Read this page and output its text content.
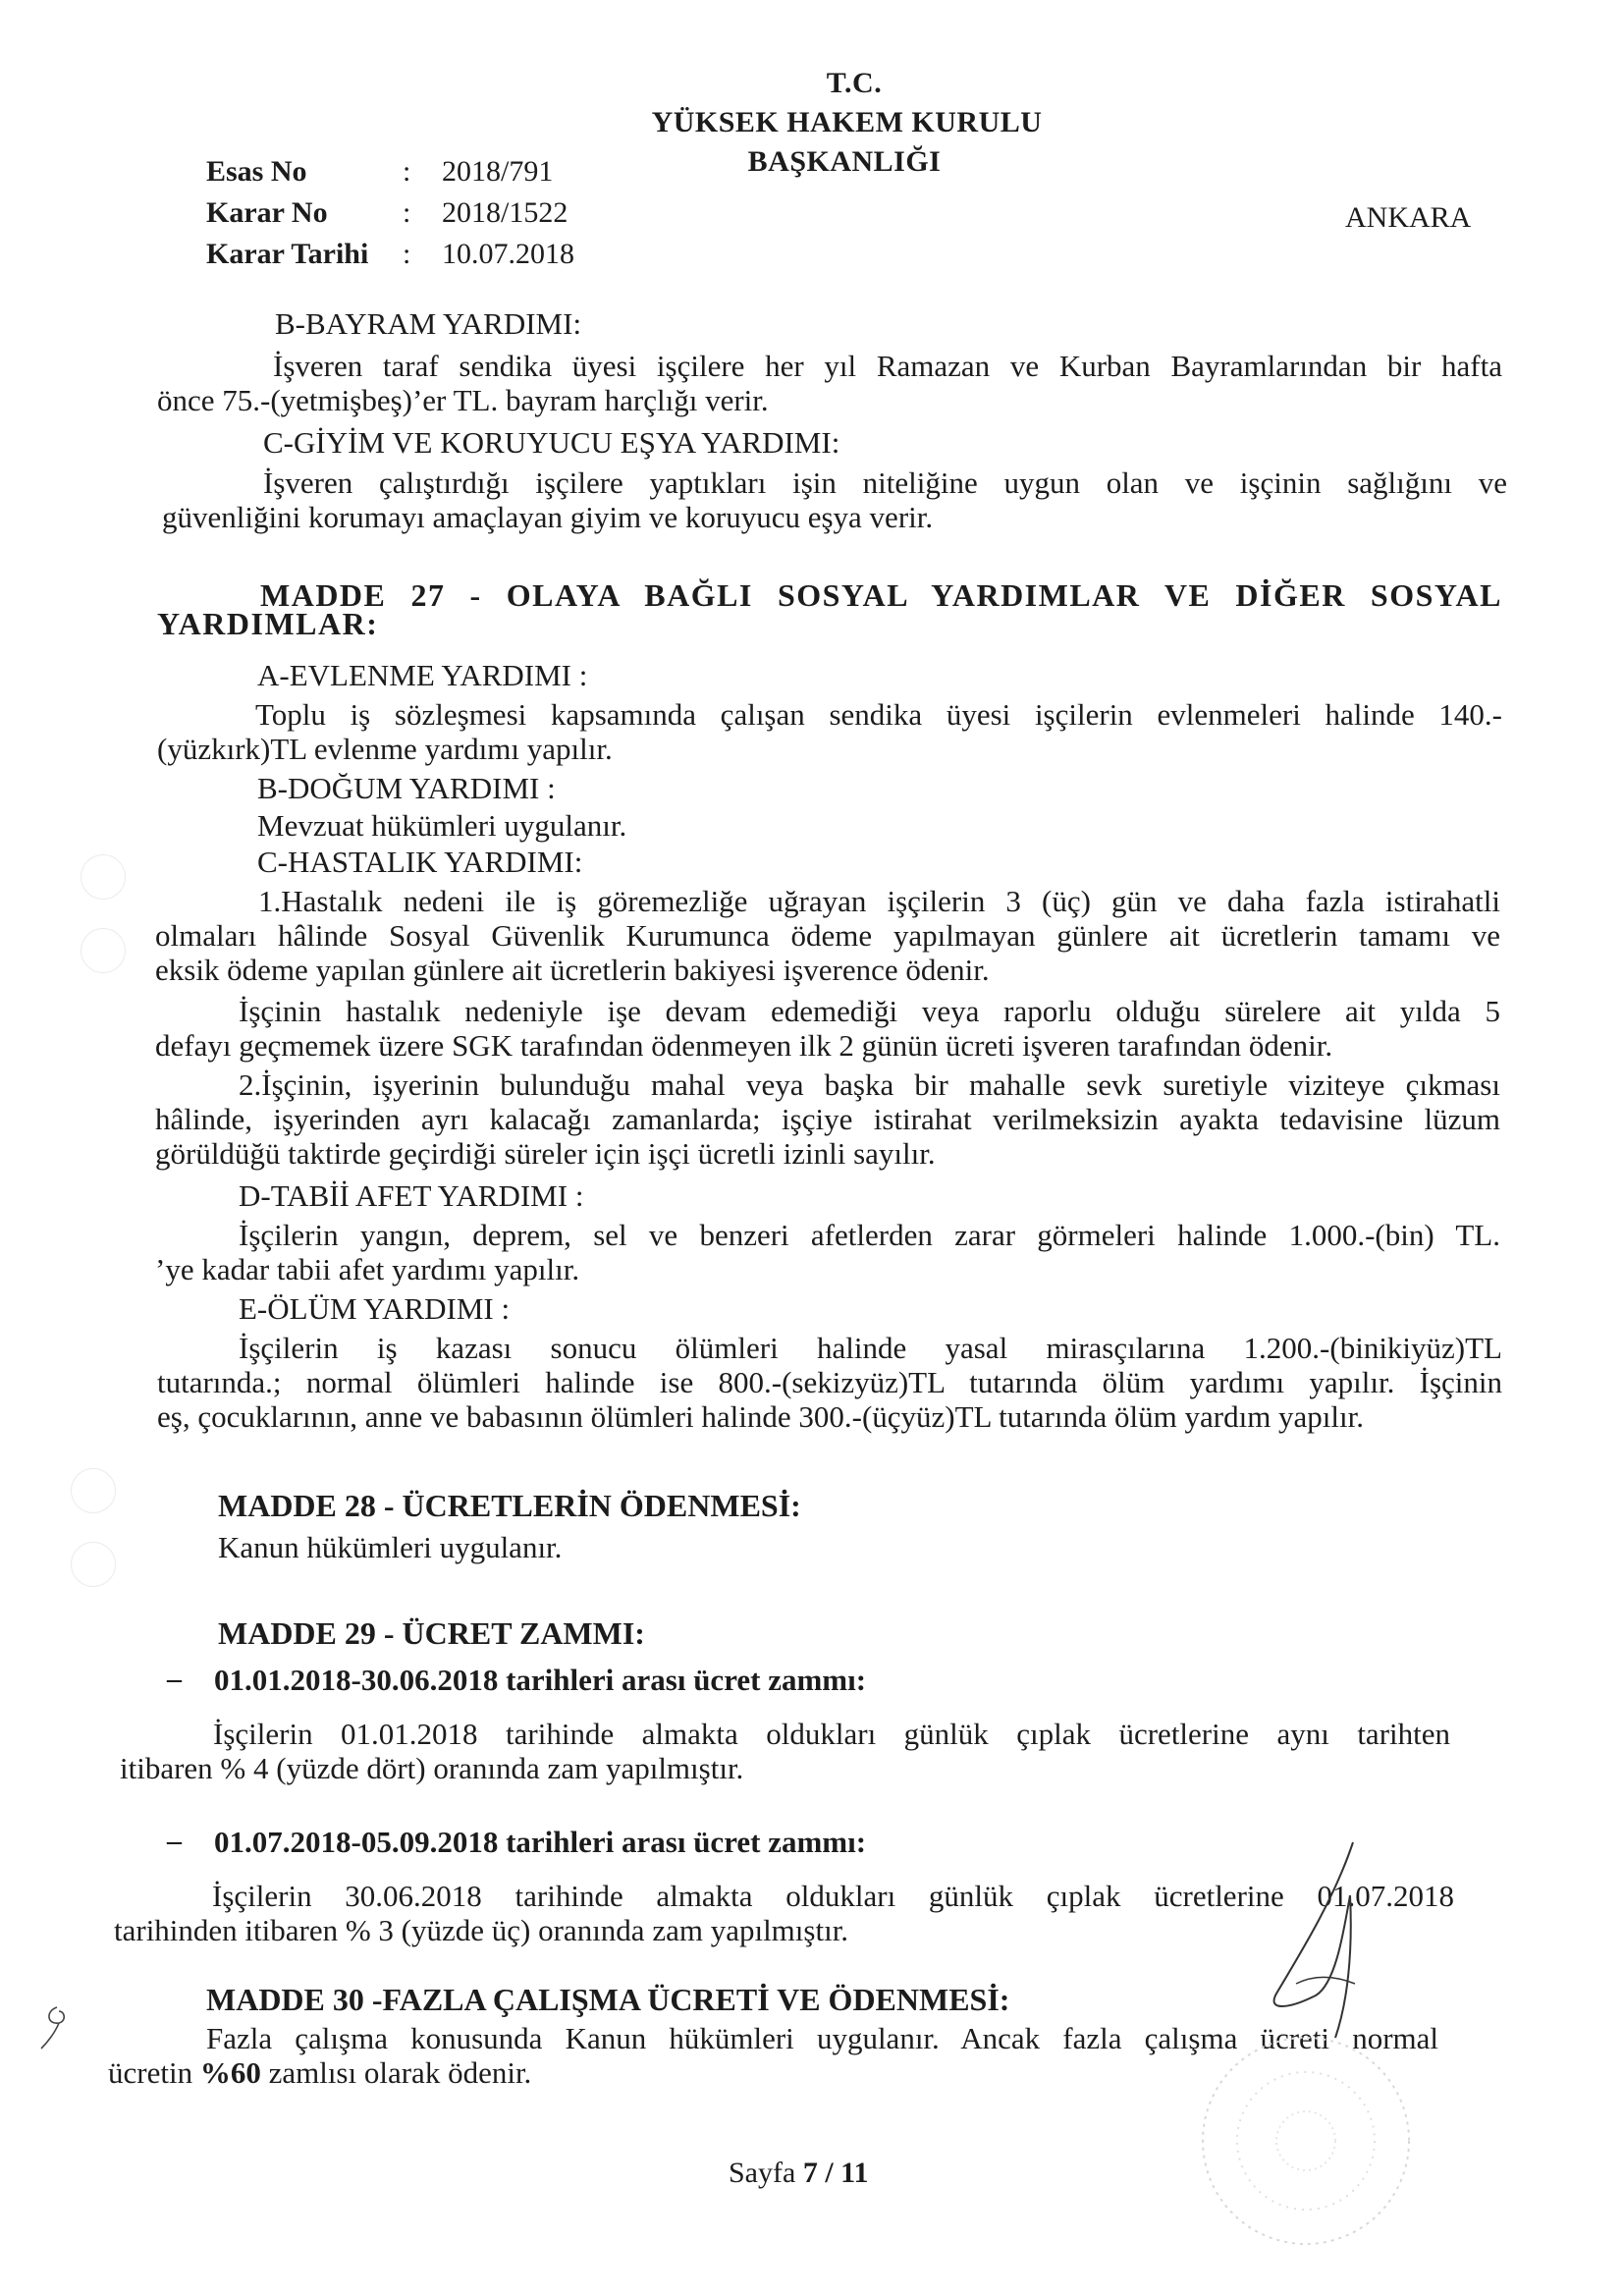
T.C.
YÜKSEK HAKEM KURULU
BAŞKANLIĞI
ANKARA
Esas No	:	2018/791
Karar No	:	2018/1522
Karar Tarihi	:	10.07.2018
B-BAYRAM YARDIMI:
İşveren taraf sendika üyesi işçilere her yıl Ramazan ve Kurban Bayramlarından bir hafta
önce 75.-(yetmişbeş)’er TL. bayram harçlığı verir.
C-GİYİM VE KORUYUCU EŞYA YARDIMI:
İşveren çalıştırdığı işçilere yaptıkları işin niteliğine uygun olan ve işçinin sağlığını ve
güvenliğini korumayı amaçlayan giyim ve koruyucu eşya verir.
MADDE 27 - OLAYA BAĞLI SOSYAL YARDIMLAR VE DİĞER SOSYAL
YARDIMLAR:
A-EVLENME YARDIMI :
Toplu iş sözleşmesi kapsamında çalışan sendika üyesi işçilerin evlenmeleri halinde 140.-
(yüzkırk)TL evlenme yardımı yapılır.
B-DOĞUM YARDIMI :
Mevzuat hükümleri uygulanır.
C-HASTALIK YARDIMI:
1.Hastalık nedeni ile iş göremezliğe uğrayan işçilerin 3 (üç) gün ve daha fazla istirahatli
olmaları hâlinde Sosyal Güvenlik Kurumunca ödeme yapılmayan günlere ait ücretlerin tamamı ve
eksik ödeme yapılan günlere ait ücretlerin bakiyesi işverence ödenir.
İşçinin hastalık nedeniyle işe devam edemediği veya raporlu olduğu sürelere ait yılda 5
defayı geçmemek üzere SGK tarafından ödenmeyen ilk 2 günün ücreti işveren tarafından ödenir.
2.İşçinin, işyerinin bulunduğu mahal veya başka bir mahalle sevk suretiyle viziteye çıkması
hâlinde, işyerinden ayrı kalacağı zamanlarda; işçiye istirahat verilmeksizin ayakta tedavisine lüzum
görüldüğü taktirde geçirdiği süreler için işçi ücretli izinli sayılır.
D-TABİİ AFET YARDIMI :
İşçilerin yangın, deprem, sel ve benzeri afetlerden zarar görmeleri halinde 1.000.-(bin) TL.
’ye kadar tabii afet yardımı yapılır.
E-ÖLÜM YARDIMI :
İşçilerin iş kazası sonucu ölümleri halinde yasal mirasçılarına 1.200.-(binikiyüz)TL
tutarında.; normal ölümleri halinde ise 800.-(sekizyüz)TL tutarında ölüm yardımı yapılır. İşçinin
eş, çocuklarının, anne ve babasının ölümleri halinde 300.-(üçyüz)TL tutarında ölüm yardım yapılır.
MADDE 28 - ÜCRETLERİN ÖDENMESİ:
Kanun hükümleri uygulanır.
MADDE 29 - ÜCRET ZAMMI:
– 01.01.2018-30.06.2018 tarihleri arası ücret zammı:
İşçilerin 01.01.2018 tarihinde almakta oldukları günlük çıplak ücretlerine aynı tarihten
itibaren % 4 (yüzde dört) oranında zam yapılmıştır.
– 01.07.2018-05.09.2018 tarihleri arası ücret zammı:
İşçilerin 30.06.2018 tarihinde almakta oldukları günlük çıplak ücretlerine 01.07.2018
tarihinden itibaren % 3 (yüzde üç) oranında zam yapılmıştır.
MADDE 30 -FAZLA ÇALIŞMA ÜCRETİ VE ÖDENMESİ:
Fazla çalışma konusunda Kanun hükümleri uygulanır. Ancak fazla çalışma ücreti normal
ücretin %60 zamlısı olarak ödenir.
Sayfa 7 / 11
